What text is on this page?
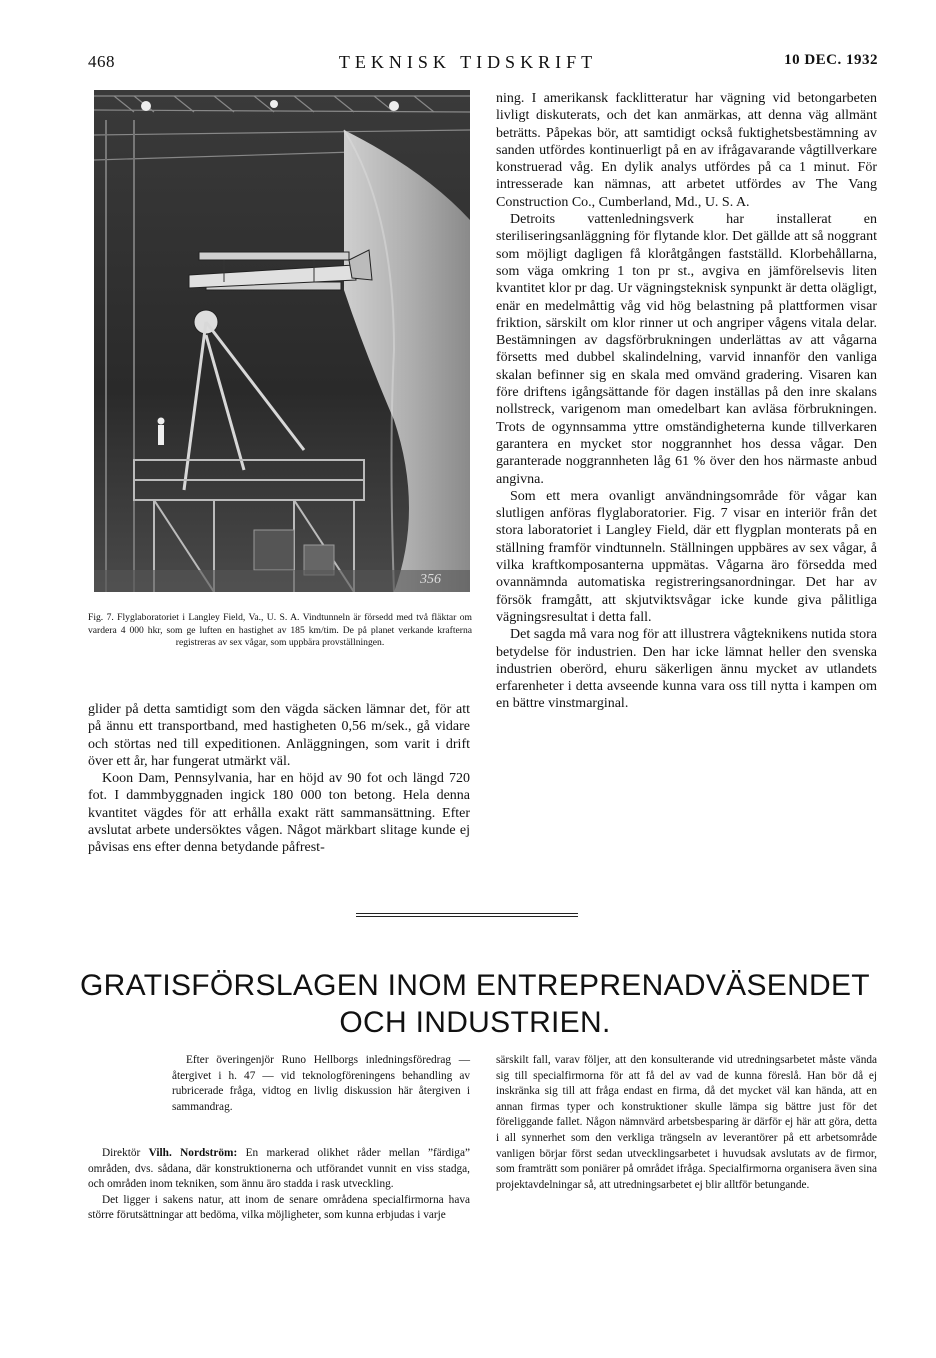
468	TEKNISK TIDSKRIFT	10 DEC. 1932
356
Fig. 7. Flyglaboratoriet i Langley Field, Va., U. S. A. Vindtunneln är försedd med två fläktar om vardera 4 000 hkr, som ge luften en hastighet av 185 km/tim. De på planet verkande krafterna registreras av sex vågar, som uppbära provställningen.

glider på detta samtidigt som den vägda säcken lämnar det, för att på ännu ett transportband, med hastigheten 0,56 m/sek., gå vidare och störtas ned till expeditionen. Anläggningen, som varit i drift över ett år, har fungerat utmärkt väl.

Koon Dam, Pennsylvania, har en höjd av 90 fot och längd 720 fot. I dammbyggnaden ingick 180 000 ton betong. Hela denna kvantitet vägdes för att erhålla exakt rätt sammansättning. Efter avslutat arbete undersöktes vågen. Något märkbart slitage kunde ej påvisas ens efter denna betydande påfrest-

ning. I amerikansk facklitteratur har vägning vid betongarbeten livligt diskuterats, och det kan anmärkas, att denna väg allmänt beträtts. Påpekas bör, att samtidigt också fuktighetsbestämning av sanden utfördes kontinuerligt på en av ifrågavarande vågtillverkare konstruerad våg. En dylik analys utfördes på ca 1 minut. För intresserade kan nämnas, att arbetet utfördes av The Vang Construction Co., Cumberland, Md., U. S. A.

Detroits vattenledningsverk har installerat en steriliseringsanläggning för flytande klor. Det gällde att så noggrant som möjligt dagligen få kloråtgången fastställd. Klorbehållarna, som väga omkring 1 ton pr st., avgiva en jämförelsevis liten kvantitet klor pr dag. Ur vägningsteknisk synpunkt är detta olägligt, enär en medelmåttig våg vid hög belastning på plattformen visar friktion, särskilt om klor rinner ut och angriper vågens vitala delar. Bestämningen av dagsförbrukningen underlättas av att vågarna försetts med dubbel skalindelning, varvid innanför den vanliga skalan befinner sig en skala med omvänd gradering. Visaren kan före driftens igångsättande för dagen inställas på den inre skalans nollstreck, varigenom man omedelbart kan avläsa förbrukningen. Trots de ogynnsamma yttre omständigheterna kunde tillverkaren garantera en mycket stor noggrannhet hos dessa vågar. Den garanterade noggrannheten låg 61 % över den hos närmaste anbud angivna.

Som ett mera ovanligt användningsområde för vågar kan slutligen anföras flyglaboratorier. Fig. 7 visar en interiör från det stora laboratoriet i Langley Field, där ett flygplan monterats på en ställning framför vindtunneln. Ställningen uppbäres av sex vågar, å vilka kraftkomposanterna uppmätas. Vågarna äro försedda med ovannämnda automatiska registreringsanordningar. Det har av försök framgått, att skjutviktsvågar icke kunde giva pålitliga vägningsresultat i detta fall.

Det sagda må vara nog för att illustrera vågteknikens nutida stora betydelse för industrien. Den har icke lämnat heller den svenska industrien oberörd, ehuru säkerligen ännu mycket av utlandets erfarenheter i detta avseende kunna vara oss till nytta i kampen om en bättre vinstmarginal.

GRATISFÖRSLAGEN INOM ENTREPRENADVÄSENDET
OCH INDUSTRIEN.

Efter överingenjör Runo Hellborgs inledningsföredrag — återgivet i h. 47 — vid teknologföreningens behandling av rubricerade fråga, vidtog en livlig diskussion här återgiven i sammandrag.

Direktör Vilh. Nordström: En markerad olikhet råder mellan ”färdiga” områden, dvs. sådana, där konstruktionerna och utförandet vunnit en viss stadga, och områden inom tekniken, som ännu äro stadda i rask utveckling.

Det ligger i sakens natur, att inom de senare områdena specialfirmorna hava större förutsättningar att bedöma, vilka möjligheter, som kunna erbjudas i varje

särskilt fall, varav följer, att den konsulterande vid utredningsarbetet måste vända sig till specialfirmorna för att få del av vad de kunna föreslå. Han bör då ej inskränka sig till att fråga endast en firma, då det mycket väl kan hända, att en annan firmas typer och konstruktioner skulle lämpa sig bättre just för det föreliggande fallet. Någon nämnvärd arbetsbesparing är därför ej här att göra, detta i all synnerhet som den verkliga trängseln av leverantörer på ett arbetsområde vanligen börjar först sedan utvecklingsarbetet i huvudsak avslutats av de firmor, som framträtt som poniärer på området ifråga. Specialfirmorna organisera även sina projektavdelningar så, att utredningsarbetet ej blir alltför betungande.
